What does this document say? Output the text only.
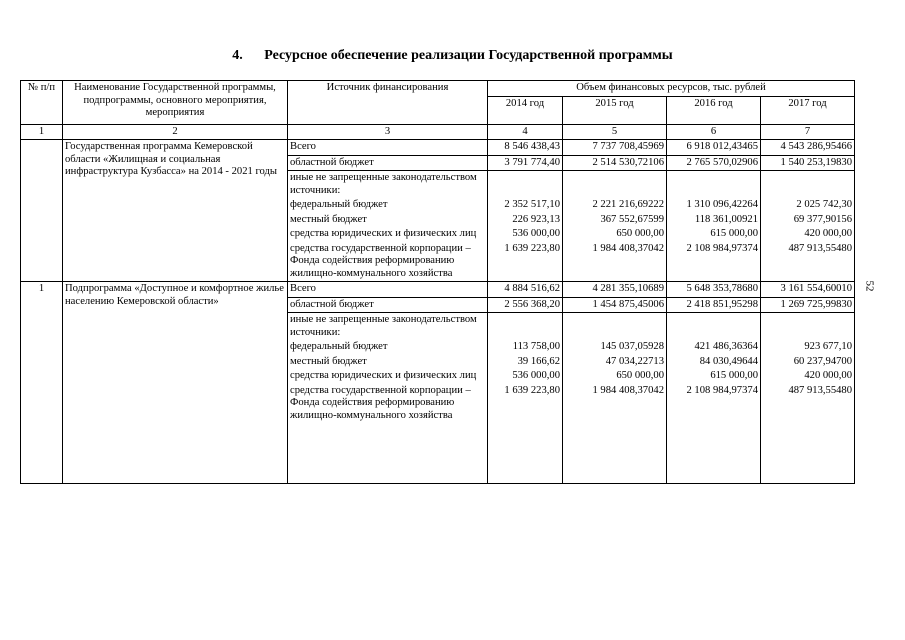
4. Ресурсное обеспечение реализации Государственной программы
52
№ п/п	Наименование Государственной программы, подпрограммы, основного мероприятия, мероприятия	Источник финансирования	Объем финансовых ресурсов, тыс. рублей			
			2014 год	2015 год	2016 год	2017 год
1	2	3	4	5	6	7
	Государственная программа Кемеровской области «Жилищная и социальная инфраструктура Кузбасса» на 2014 - 2021 годы	Всего	8 546 438,43	7 737 708,45969	6 918 012,43465	4 543 286,95466
		областной бюджет	3 791 774,40	2 514 530,72106	2 765 570,02906	1 540 253,19830
		иные не запрещенные законодательством источники:				
		федеральный бюджет	2 352 517,10	2 221 216,69222	1 310 096,42264	2 025 742,30
		местный бюджет	226 923,13	367 552,67599	118 361,00921	69 377,90156
		средства юридических и физических лиц	536 000,00	650 000,00	615 000,00	420 000,00
		средства государственной корпорации – Фонда содействия реформированию жилищно-коммунального хозяйства	1 639 223,80	1 984 408,37042	2 108 984,97374	487 913,55480
1	Подпрограмма «Доступное и комфортное жилье населению Кемеровской области»	Всего	4 884 516,62	4 281 355,10689	5 648 353,78680	3 161 554,60010
		областной бюджет	2 556 368,20	1 454 875,45006	2 418 851,95298	1 269 725,99830
		иные не запрещенные законодательством источники:				
		федеральный бюджет	113 758,00	145 037,05928	421 486,36364	923 677,10
		местный бюджет	39 166,62	47 034,22713	84 030,49644	60 237,94700
		средства юридических и физических лиц	536 000,00	650 000,00	615 000,00	420 000,00
		средства государственной корпорации – Фонда содействия реформированию жилищно-коммунального хозяйства	1 639 223,80	1 984 408,37042	2 108 984,97374	487 913,55480
